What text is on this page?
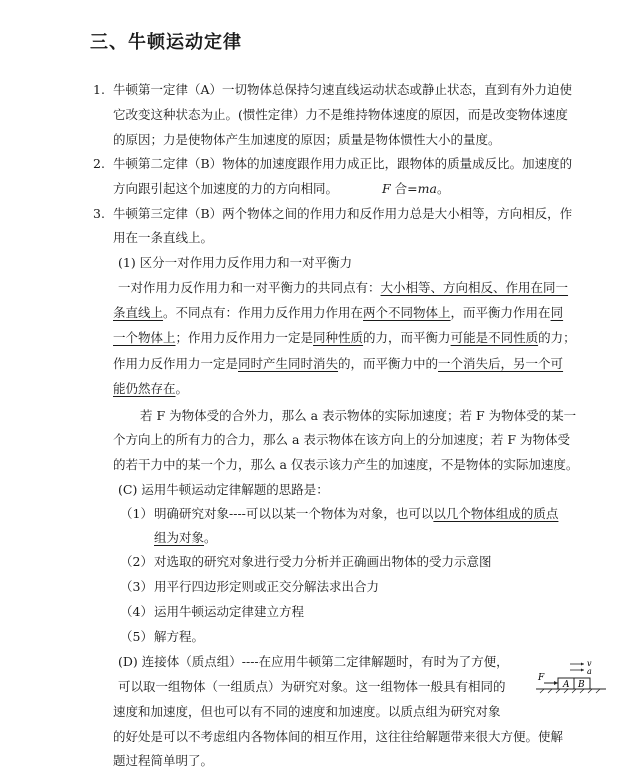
三、牛顿运动定律
1. 牛顿第一定律（A）一切物体总保持匀速直线运动状态或静止状态，直到有外力迫使
它改变这种状态为止。(惯性定律）力不是维持物体速度的原因，而是改变物体速度
的原因；力是使物体产生加速度的原因；质量是物体惯性大小的量度。
2. 牛顿第二定律（B）物体的加速度跟作用力成正比，跟物体的质量成反比。加速度的
方向跟引起这个加速度的力的方向相同。	F 合=ma。
3. 牛顿第三定律（B）两个物体之间的作用力和反作用力总是大小相等，方向相反，作
用在一条直线上。
(1) 区分一对作用力反作用力和一对平衡力
一对作用力反作用力和一对平衡力的共同点有：大小相等、方向相反、作用在同一
条直线上。不同点有：作用力反作用力作用在两个不同物体上，而平衡力作用在同
一个物体上；作用力反作用力一定是同种性质的力，而平衡力可能是不同性质的力；
作用力反作用力一定是同时产生同时消失的，而平衡力中的一个消失后，另一个可
能仍然存在。
若 F 为物体受的合外力，那么 a 表示物体的实际加速度；若 F 为物体受的某一
个方向上的所有力的合力，那么 a 表示物体在该方向上的分加速度；若 F 为物体受
的若干力中的某一个力，那么 a 仅表示该力产生的加速度，不是物体的实际加速度。
(C) 运用牛顿运动定律解题的思路是：
（1） 明确研究对象----可以以某一个物体为对象，也可以以几个物体组成的质点
组为对象。
（2） 对选取的研究对象进行受力分析并正确画出物体的受力示意图
（3） 用平行四边形定则或正交分解法求出合力
（4） 运用牛顿运动定律建立方程
（5） 解方程。
(D) 连接体（质点组）----在应用牛顿第二定律解题时，有时为了方便，
可以取一组物体（一组质点）为研究对象。这一组物体一般具有相同的
速度和加速度，但也可以有不同的速度和加速度。以质点组为研究对象
的好处是可以不考虑组内各物体间的相互作用，这往往给解题带来很大方便。使解
题过程简单明了。
A B
F
v
a
